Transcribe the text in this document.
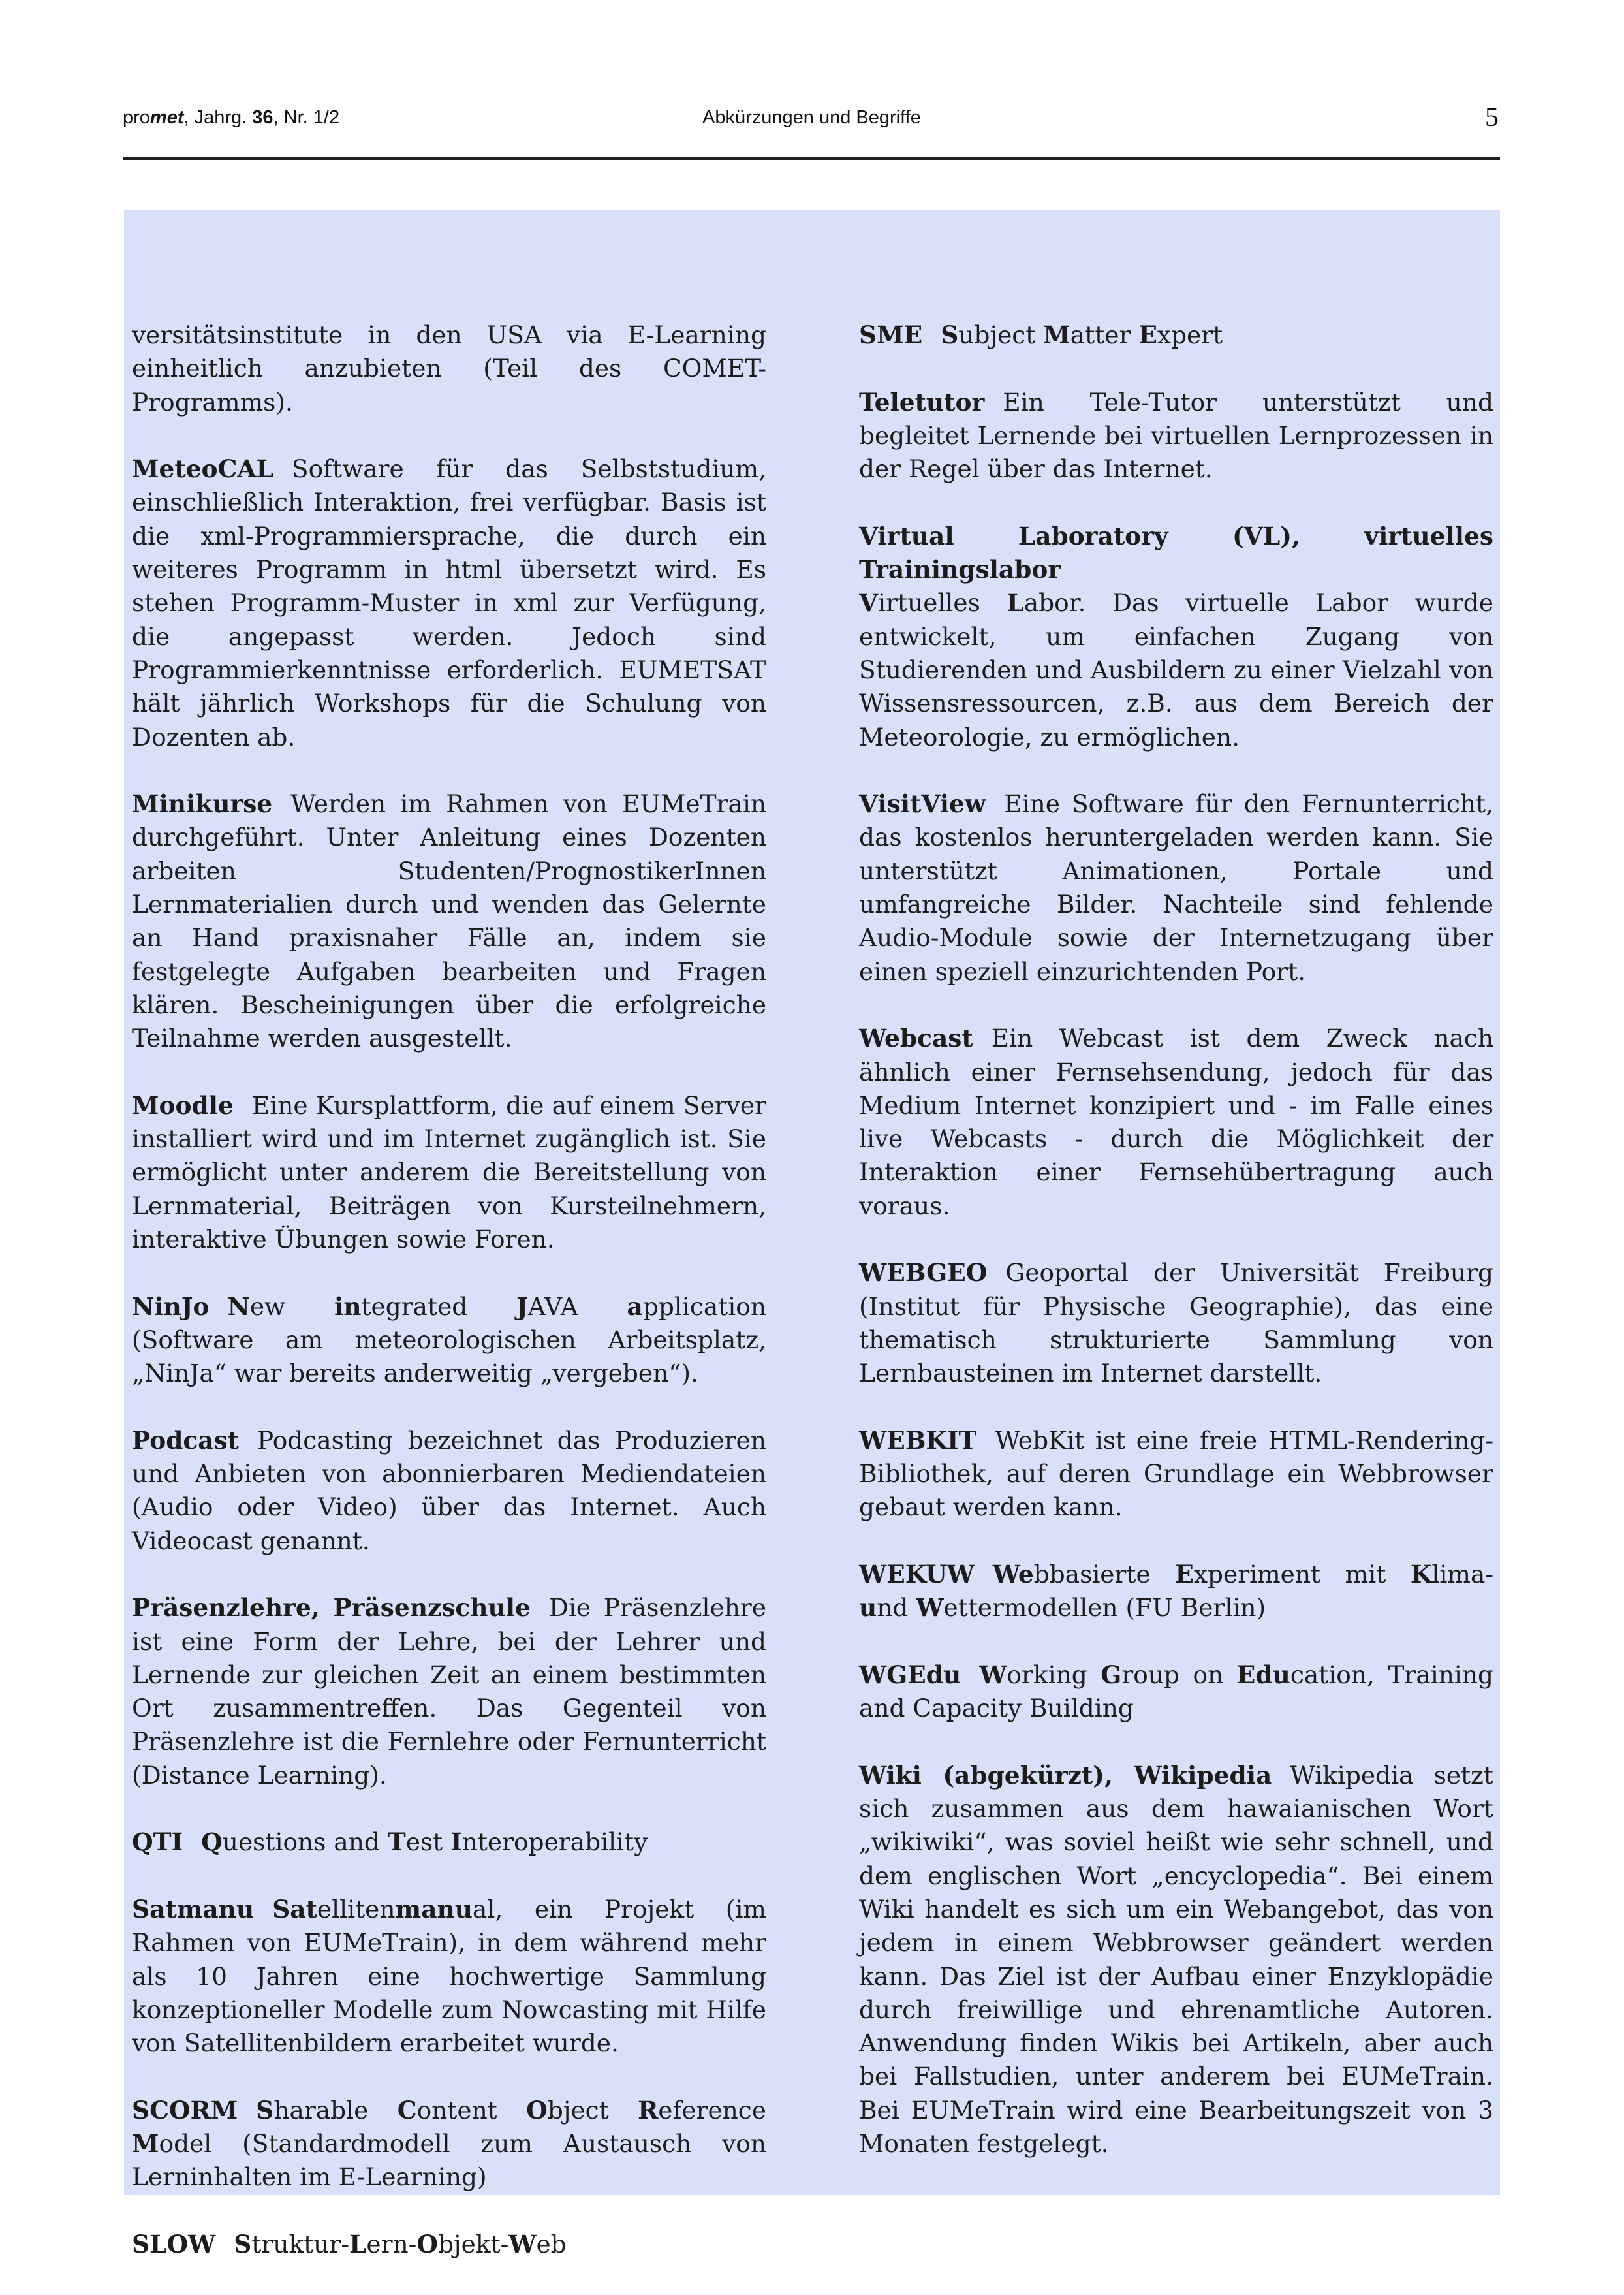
promet, Jahrg. 36, Nr. 1/2	Abkürzungen und Begriffe	5

versitätsinstitute in den USA via E-Learning einheitlich anzubieten (Teil des COMET-Programms).

MeteoCAL Software für das Selbststudium, einschließlich Interaktion, frei verfügbar. Basis ist die xml-Programmiersprache, die durch ein weiteres Programm in html übersetzt wird. Es stehen Programm-Muster in xml zur Verfügung, die angepasst werden. Jedoch sind Programmierkenntnisse erforderlich. EUMETSAT hält jährlich Workshops für die Schulung von Dozenten ab.

Minikurse Werden im Rahmen von EUMeTrain durchgeführt. Unter Anleitung eines Dozenten arbeiten Studenten/PrognostikerInnen Lernmaterialien durch und wenden das Gelernte an Hand praxisnaher Fälle an, indem sie festgelegte Aufgaben bearbeiten und Fragen klären. Bescheinigungen über die erfolgreiche Teilnahme werden ausgestellt.

Moodle Eine Kursplattform, die auf einem Server installiert wird und im Internet zugänglich ist. Sie ermöglicht unter anderem die Bereitstellung von Lernmaterial, Beiträgen von Kursteilnehmern, interaktive Übungen sowie Foren.

NinJo New integrated JAVA application (Software am meteorologischen Arbeitsplatz, „NinJa“ war bereits anderweitig „vergeben“).

Podcast Podcasting bezeichnet das Produzieren und Anbieten von abonnierbaren Mediendateien (Audio oder Video) über das Internet. Auch Videocast genannt.

Präsenzlehre, Präsenzschule Die Präsenzlehre ist eine Form der Lehre, bei der Lehrer und Lernende zur gleichen Zeit an einem bestimmten Ort zusammentreffen. Das Gegenteil von Präsenzlehre ist die Fernlehre oder Fernunterricht (Distance Learning).

QTI Questions and Test Interoperability

Satmanu Satellitenmanual, ein Projekt (im Rahmen von EUMeTrain), in dem während mehr als 10 Jahren eine hochwertige Sammlung konzeptioneller Modelle zum Nowcasting mit Hilfe von Satellitenbildern erarbeitet wurde.

SCORM Sharable Content Object Reference Model (Standardmodell zum Austausch von Lerninhalten im E-Learning)

SLOW Struktur-Lern-Objekt-Web

SME Subject Matter Expert

Teletutor Ein Tele-Tutor unterstützt und begleitet Lernende bei virtuellen Lernprozessen in der Regel über das Internet.

Virtual Laboratory (VL), virtuelles Trainingslabor
Virtuelles Labor. Das virtuelle Labor wurde entwickelt, um einfachen Zugang von Studierenden und Ausbildern zu einer Vielzahl von Wissensressourcen, z.B. aus dem Bereich der Meteorologie, zu ermöglichen.

VisitView Eine Software für den Fernunterricht, das kostenlos heruntergeladen werden kann. Sie unterstützt Animationen, Portale und umfangreiche Bilder. Nachteile sind fehlende Audio-Module sowie der Internetzugang über einen speziell einzurichtenden Port.

Webcast Ein Webcast ist dem Zweck nach ähnlich einer Fernsehsendung, jedoch für das Medium Internet konzipiert und - im Falle eines live Webcasts - durch die Möglichkeit der Interaktion einer Fernsehübertragung auch voraus.

WEBGEO Geoportal der Universität Freiburg (Institut für Physische Geographie), das eine thematisch strukturierte Sammlung von Lernbausteinen im Internet darstellt.

WEBKIT WebKit ist eine freie HTML-Rendering-Bibliothek, auf deren Grundlage ein Webbrowser gebaut werden kann.

WEKUW Webbasierte Experiment mit Klima- und Wettermodellen (FU Berlin)

WGEdu Working Group on Education, Training and Capacity Building

Wiki (abgekürzt), Wikipedia Wikipedia setzt sich zusammen aus dem hawaianischen Wort „wikiwiki“, was soviel heißt wie sehr schnell, und dem englischen Wort „encyclopedia“. Bei einem Wiki handelt es sich um ein Webangebot, das von jedem in einem Webbrowser geändert werden kann. Das Ziel ist der Aufbau einer Enzyklopädie durch freiwillige und ehrenamtliche Autoren. Anwendung finden Wikis bei Artikeln, aber auch bei Fallstudien, unter anderem bei EUMeTrain. Bei EUMeTrain wird eine Bearbeitungszeit von 3 Monaten festgelegt.
